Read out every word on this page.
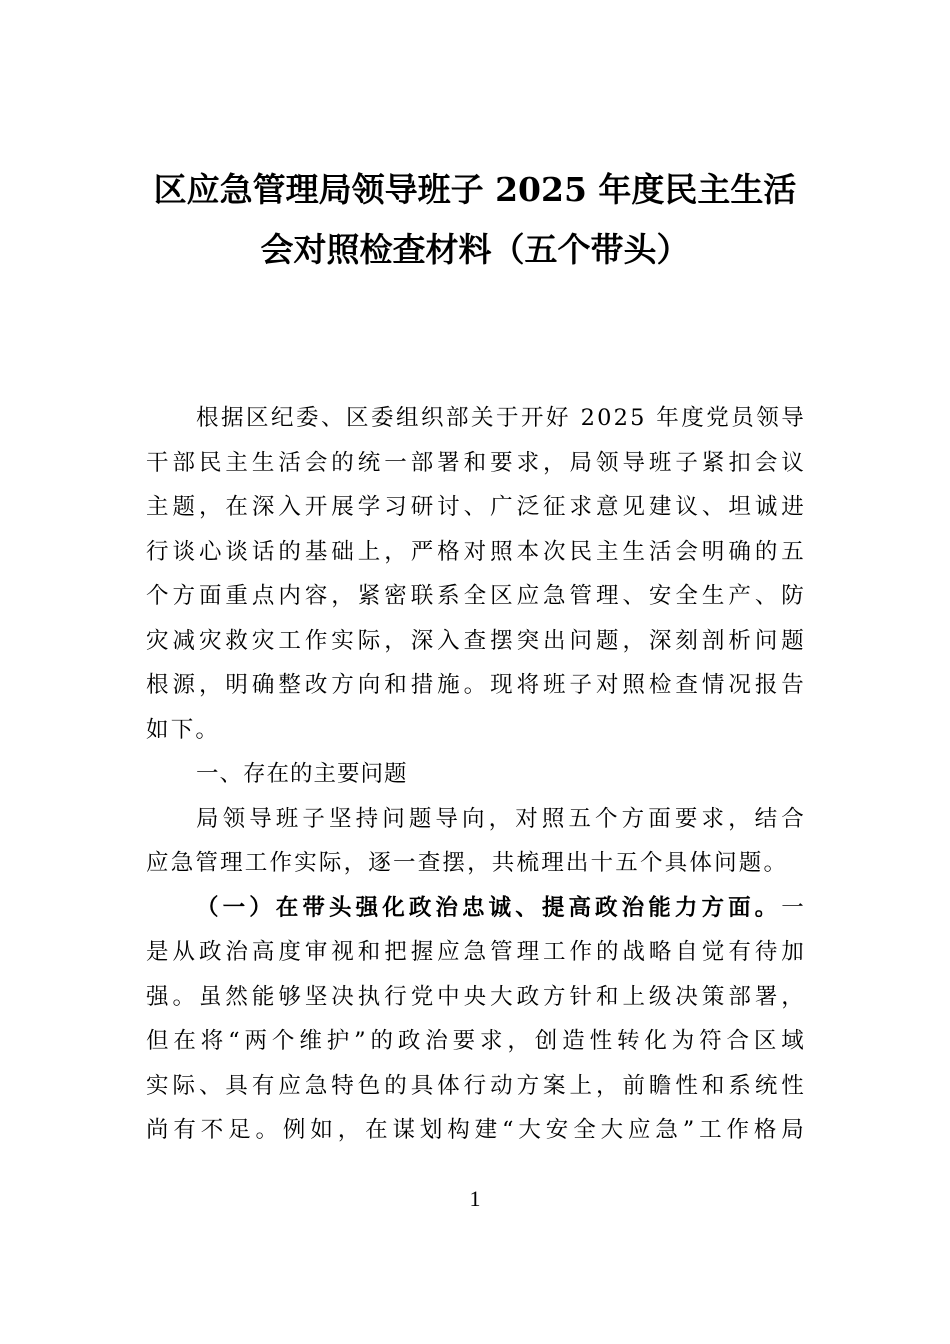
区应急管理局领导班子 2025 年度民主生活
会对照检查材料（五个带头）

根据区纪委、区委组织部关于开好 2025 年度党员领导
干部民主生活会的统一部署和要求，局领导班子紧扣会议
主题，在深入开展学习研讨、广泛征求意见建议、坦诚进
行谈心谈话的基础上，严格对照本次民主生活会明确的五
个方面重点内容，紧密联系全区应急管理、安全生产、防
灾减灾救灾工作实际，深入查摆突出问题，深刻剖析问题
根源，明确整改方向和措施。现将班子对照检查情况报告
如下。

一、存在的主要问题

局领导班子坚持问题导向，对照五个方面要求，结合
应急管理工作实际，逐一查摆，共梳理出十五个具体问题。

（一）在带头强化政治忠诚、提高政治能力方面。一
是从政治高度审视和把握应急管理工作的战略自觉有待加
强。虽然能够坚决执行党中央大政方针和上级决策部署，
但在将“两个维护”的政治要求，创造性转化为符合区域
实际、具有应急特色的具体行动方案上，前瞻性和系统性
尚有不足。例如，在谋划构建“大安全大应急”工作格局

1
